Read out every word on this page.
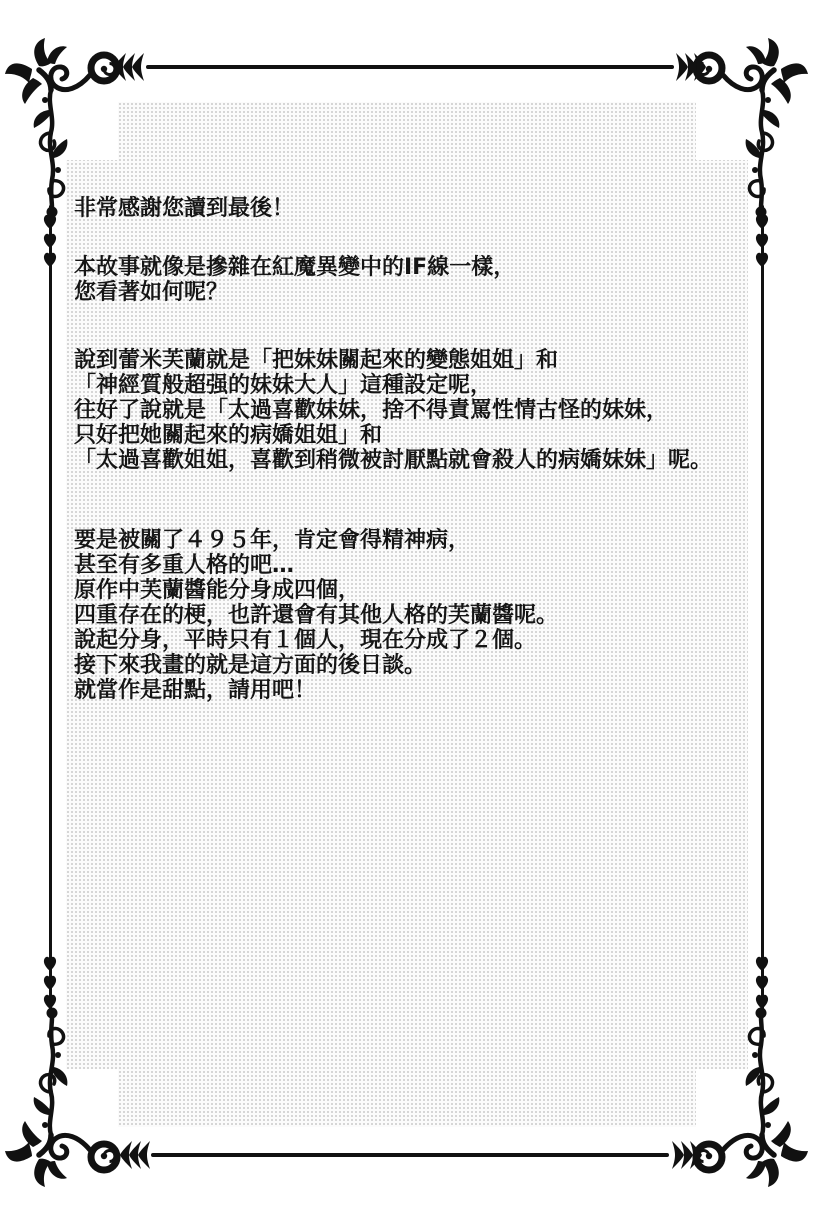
非常感謝您讀到最後！

本故事就像是摻雜在紅魔異變中的IF線一樣，
您看著如何呢？

說到蕾米芙蘭就是「把妹妹關起來的變態姐姐」和
「神經質般超强的妹妹大人」這種設定呢，
往好了說就是「太過喜歡妹妹，捨不得責罵性情古怪的妹妹，
只好把她關起來的病嬌姐姐」和
「太過喜歡姐姐，喜歡到稍微被討厭點就會殺人的病嬌妹妹」呢。

要是被關了４９５年，肯定會得精神病，
甚至有多重人格的吧…
原作中芙蘭醬能分身成四個，
四重存在的梗，也許還會有其他人格的芙蘭醬呢。
說起分身，平時只有１個人，現在分成了２個。
接下來我畫的就是這方面的後日談。
就當作是甜點，請用吧！
